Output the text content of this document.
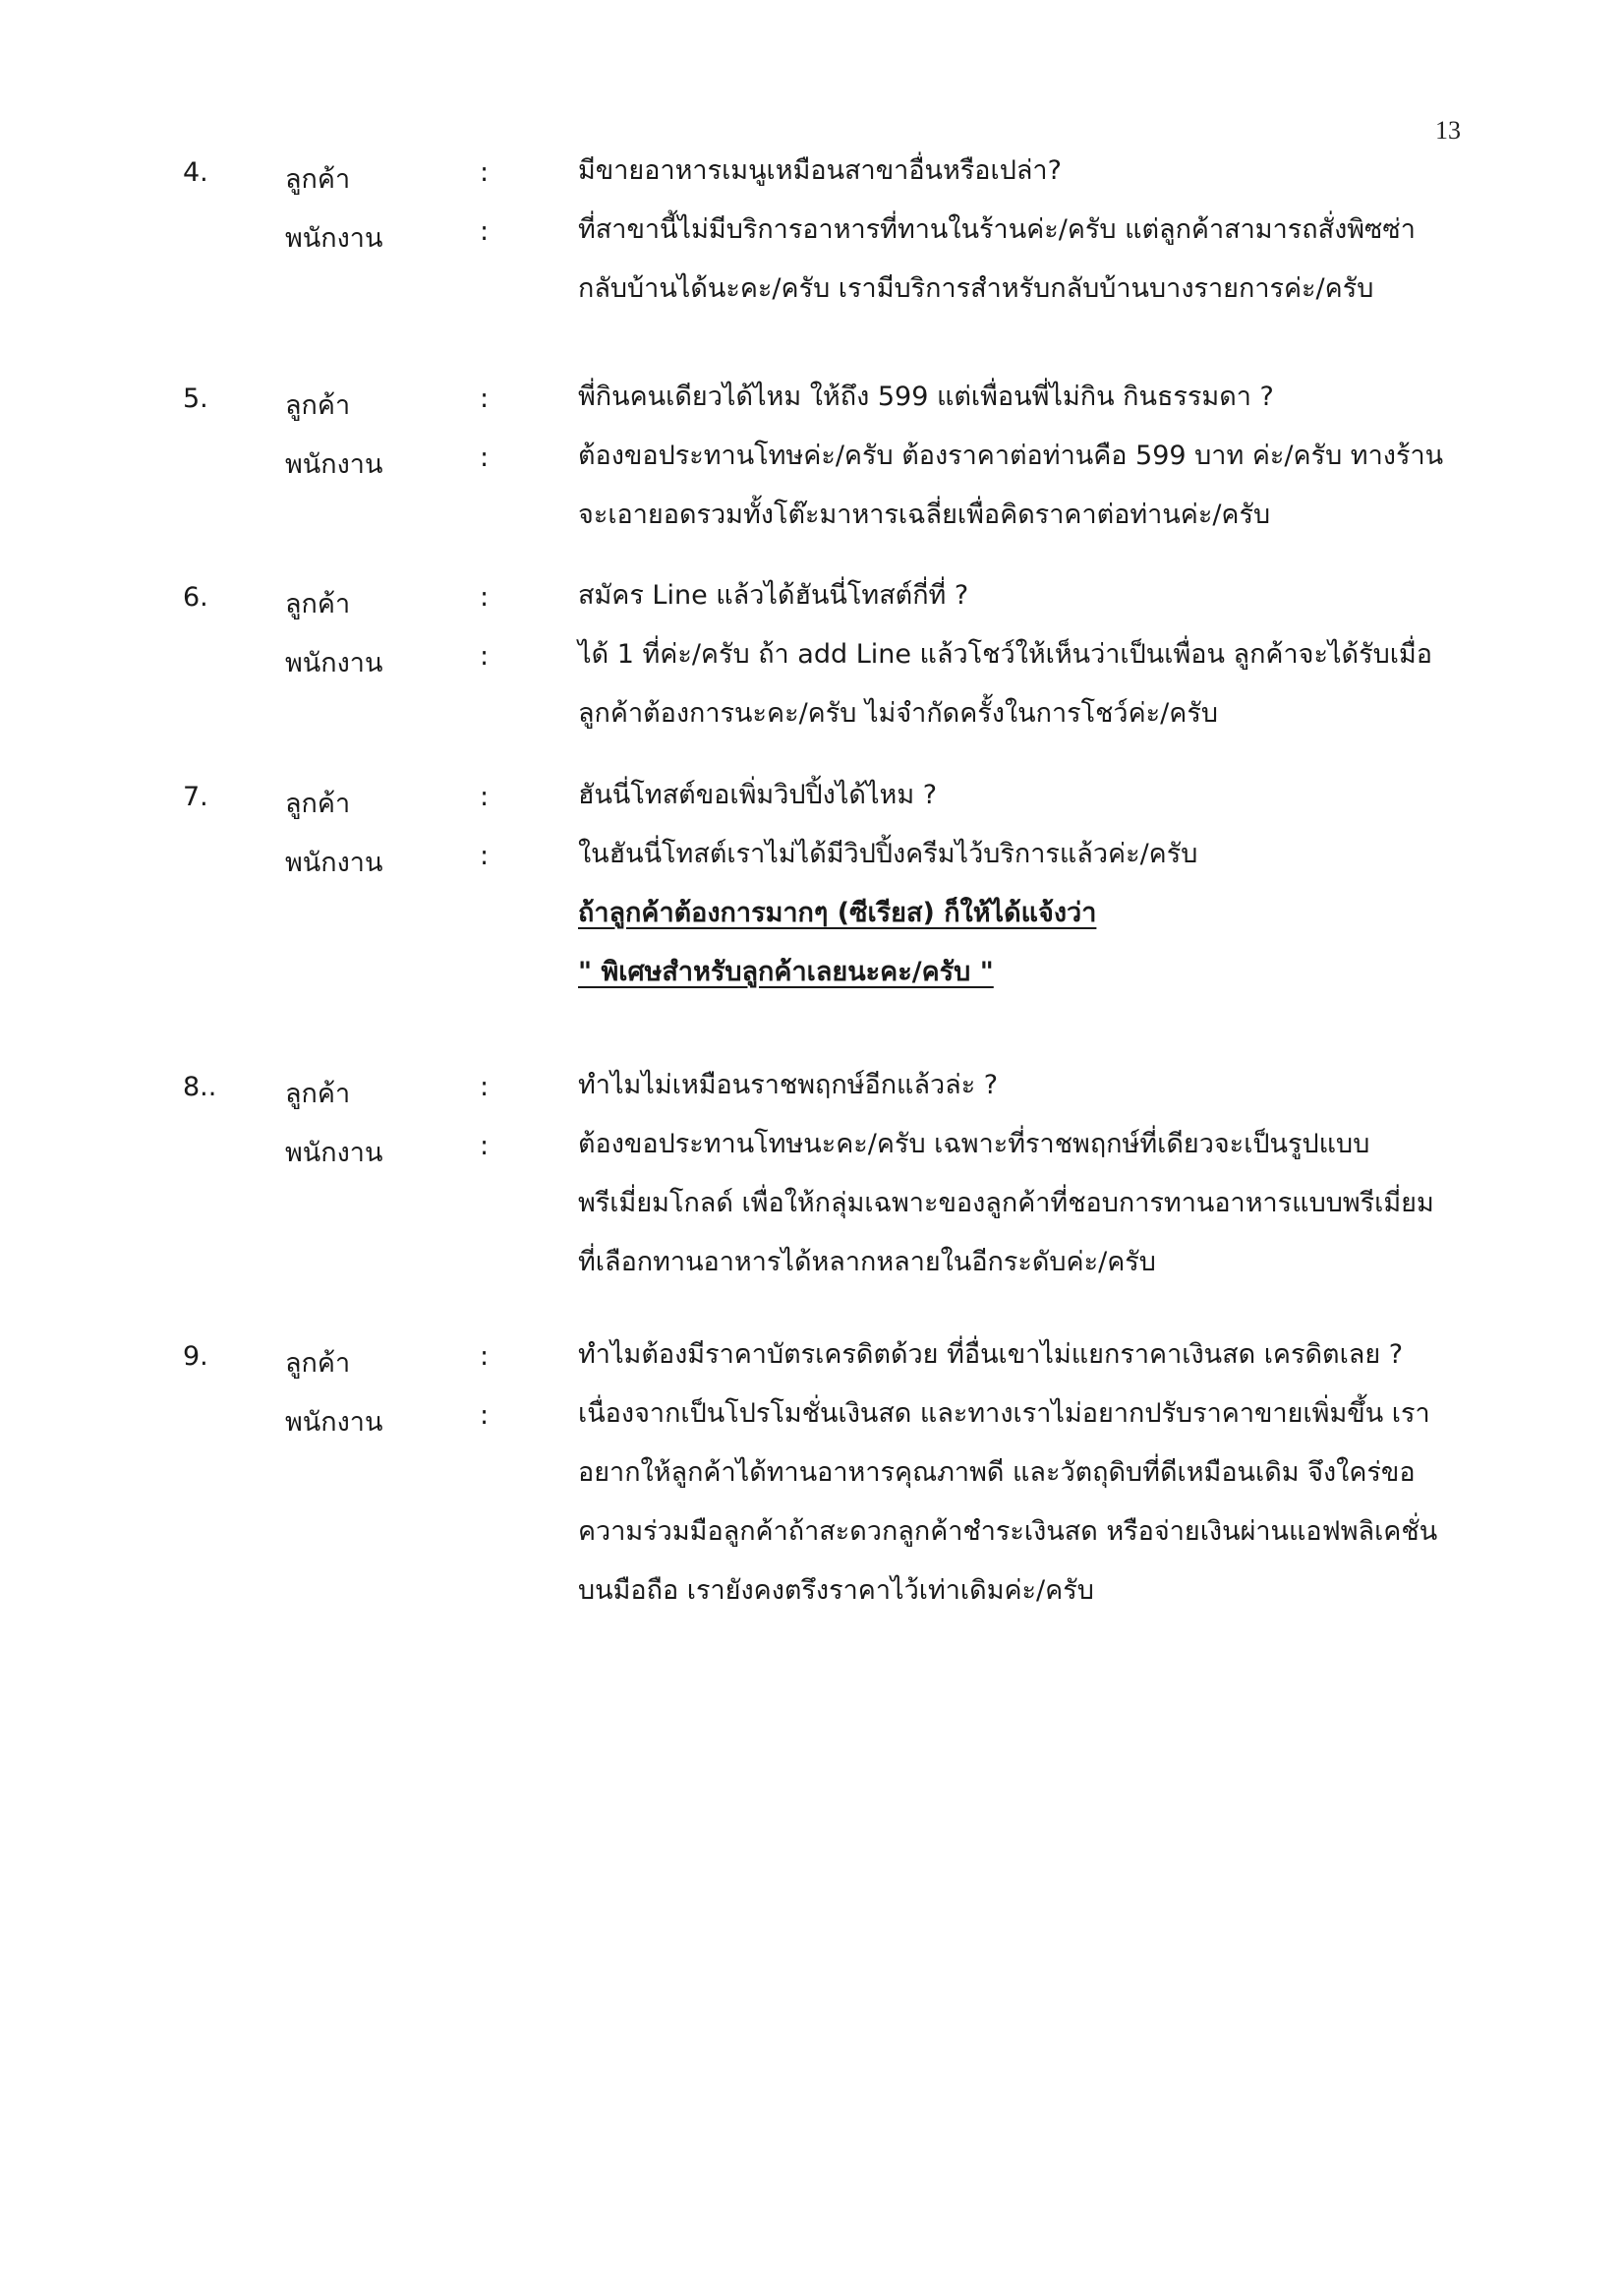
13
4.	ลูกค้า	:	มีขายอาหารเมนูเหมือนสาขาอื่นหรือเปล่า?
พนักงาน	:	ที่สาขานี้ไม่มีบริการอาหารที่ทานในร้านค่ะ/ครับ แต่ลูกค้าสามารถสั่งพิซซ่า
กลับบ้านได้นะคะ/ครับ เรามีบริการสำหรับกลับบ้านบางรายการค่ะ/ครับ
5.	ลูกค้า	:	พี่กินคนเดียวได้ไหม ให้ถึง 599 แต่เพื่อนพี่ไม่กิน กินธรรมดา ?
พนักงาน	:	ต้องขอประทานโทษค่ะ/ครับ ต้องราคาต่อท่านคือ 599 บาท ค่ะ/ครับ ทางร้าน
จะเอายอดรวมทั้งโต๊ะมาหารเฉลี่ยเพื่อคิดราคาต่อท่านค่ะ/ครับ
6.	ลูกค้า	:	สมัคร Line แล้วได้ฮันนี่โทสต์กี่ที่ ?
พนักงาน	:	ได้ 1 ที่ค่ะ/ครับ ถ้า add Line แล้วโชว์ให้เห็นว่าเป็นเพื่อน ลูกค้าจะได้รับเมื่อ
ลูกค้าต้องการนะคะ/ครับ ไม่จำกัดครั้งในการโชว์ค่ะ/ครับ
7.	ลูกค้า	:	ฮันนี่โทสต์ขอเพิ่มวิปปิ้งได้ไหม ?
พนักงาน	:	ในฮันนี่โทสต์เราไม่ได้มีวิปปิ้งครีมไว้บริการแล้วค่ะ/ครับ
ถ้าลูกค้าต้องการมากๆ (ซีเรียส) ก็ให้ได้แจ้งว่า
" พิเศษสำหรับลูกค้าเลยนะคะ/ครับ "
8..	ลูกค้า	:	ทำไมไม่เหมือนราชพฤกษ์อีกแล้วล่ะ ?
พนักงาน	:	ต้องขอประทานโทษนะคะ/ครับ เฉพาะที่ราชพฤกษ์ที่เดียวจะเป็นรูปแบบ
พรีเมี่ยมโกลด์ เพื่อให้กลุ่มเฉพาะของลูกค้าที่ชอบการทานอาหารแบบพรีเมี่ยม
ที่เลือกทานอาหารได้หลากหลายในอีกระดับค่ะ/ครับ
9.	ลูกค้า	:	ทำไมต้องมีราคาบัตรเครดิตด้วย ที่อื่นเขาไม่แยกราคาเงินสด เครดิตเลย ?
พนักงาน	:	เนื่องจากเป็นโปรโมชั่นเงินสด และทางเราไม่อยากปรับราคาขายเพิ่มขึ้น เรา
อยากให้ลูกค้าได้ทานอาหารคุณภาพดี และวัตถุดิบที่ดีเหมือนเดิม จึงใคร่ขอ
ความร่วมมือลูกค้าถ้าสะดวกลูกค้าชำระเงินสด หรือจ่ายเงินผ่านแอฟพลิเคชั่น
บนมือถือ เรายังคงตรึงราคาไว้เท่าเดิมค่ะ/ครับ
